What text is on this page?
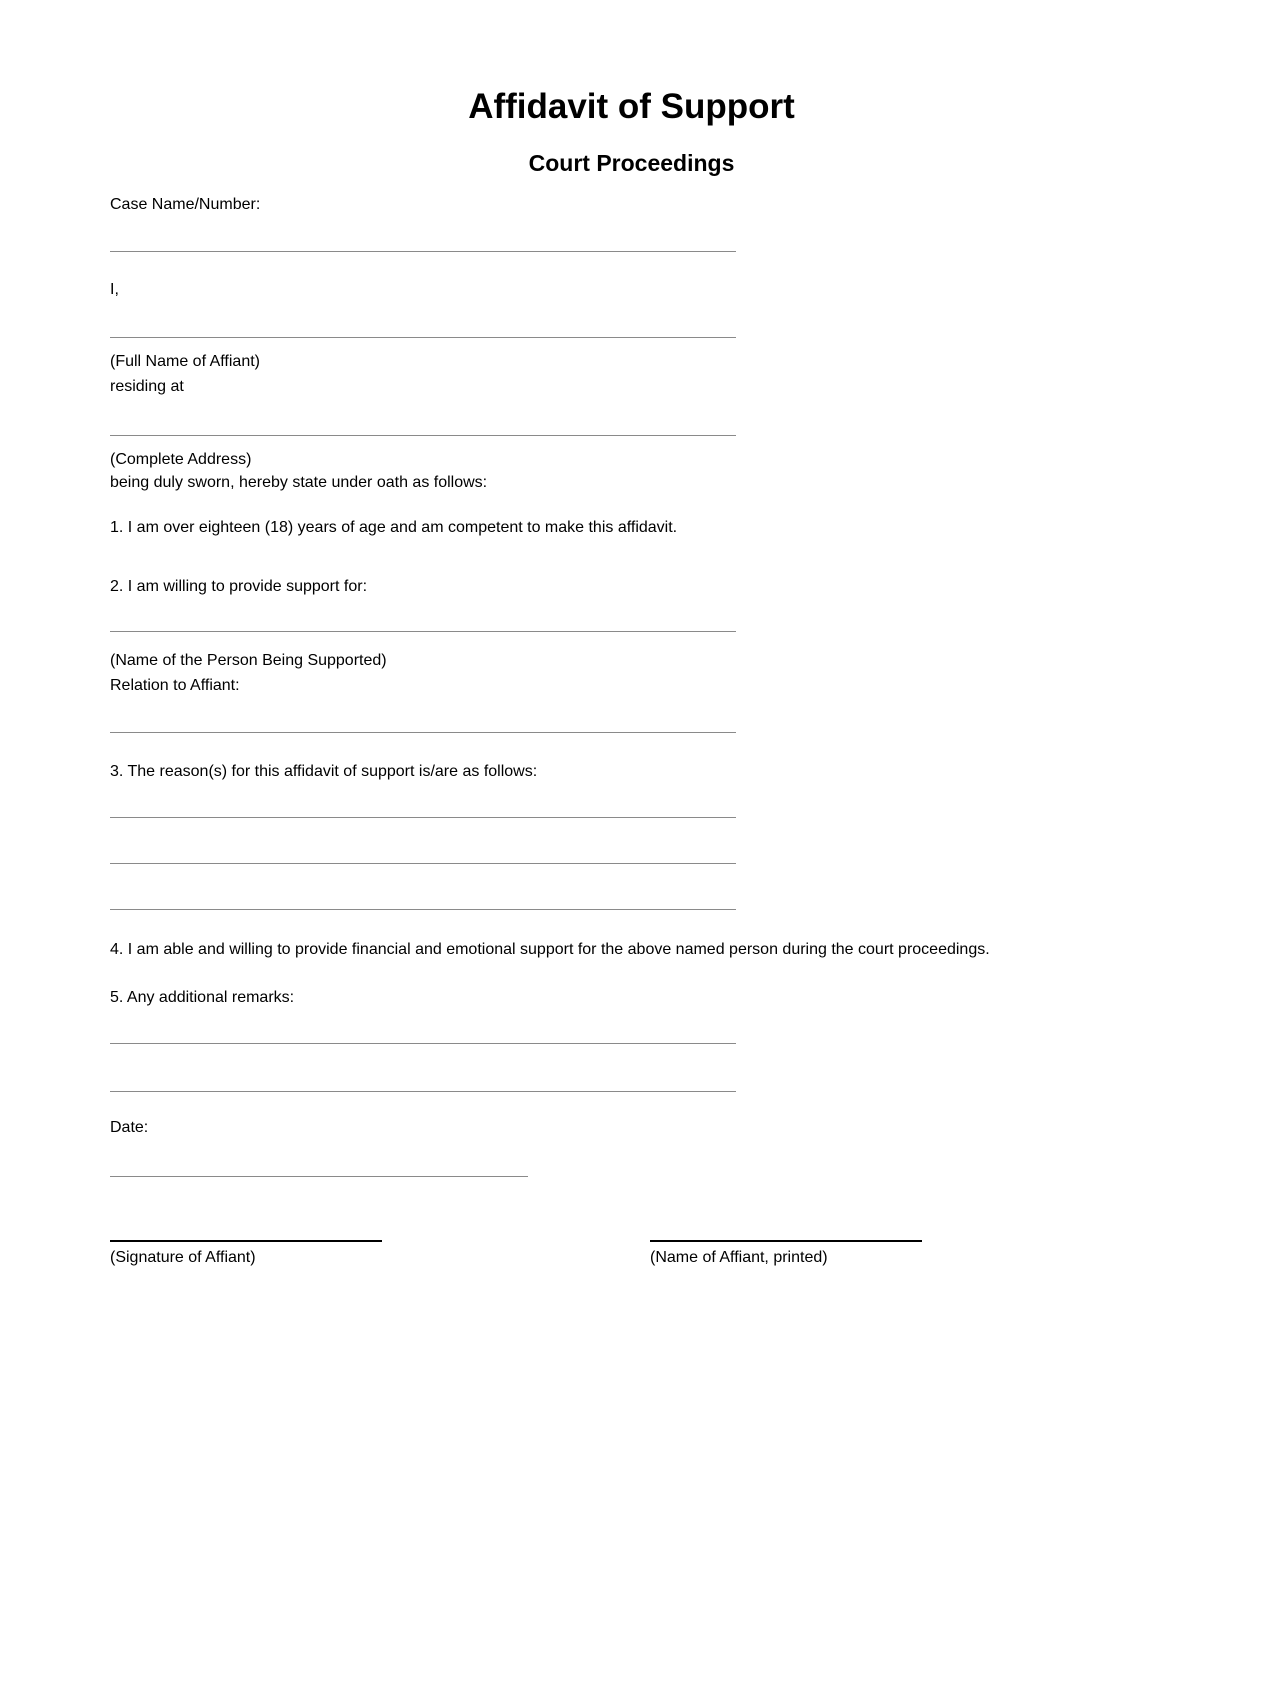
Affidavit of Support
Court Proceedings
Case Name/Number:
I,
(Full Name of Affiant)
residing at
(Complete Address)
being duly sworn, hereby state under oath as follows:
1. I am over eighteen (18) years of age and am competent to make this affidavit.
2. I am willing to provide support for:
(Name of the Person Being Supported)
Relation to Affiant:
3. The reason(s) for this affidavit of support is/are as follows:
4. I am able and willing to provide financial and emotional support for the above named person during the court proceedings.
5. Any additional remarks:
Date:
(Signature of Affiant)	(Name of Affiant, printed)
